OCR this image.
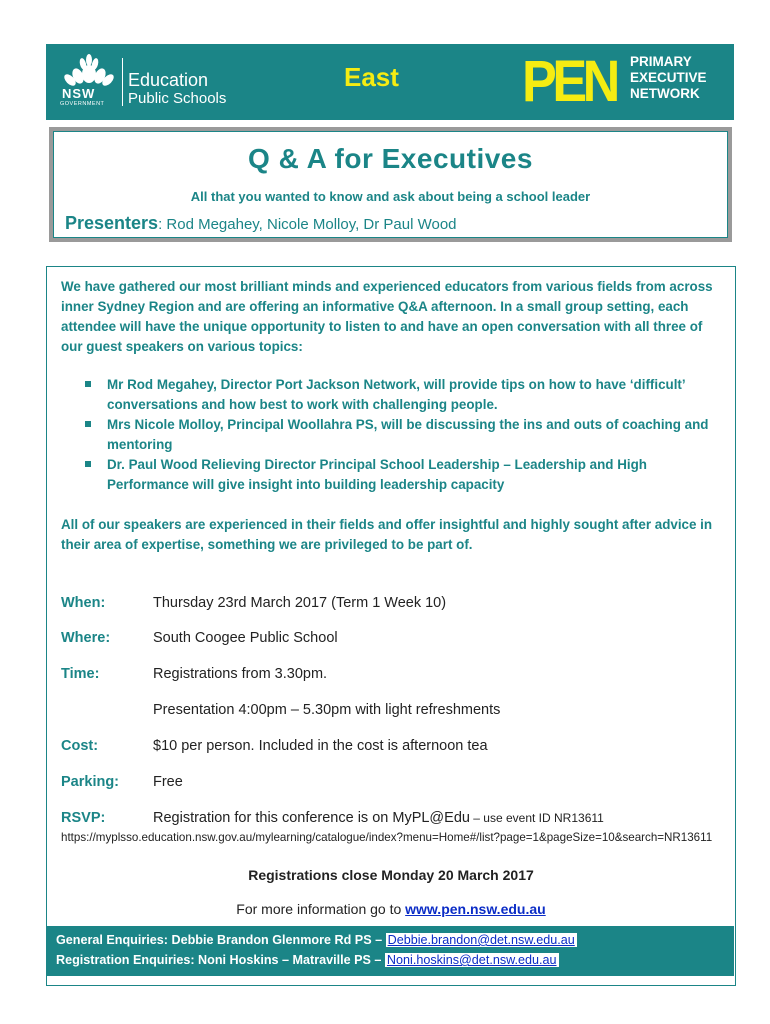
NSW
GOVERNMENT
Education
Public Schools
East PEN PRIMARY
EXECUTIVE
NETWORK
Q & A for Executives
All that you wanted to know and ask about being a school leader
Presenters: Rod Megahey, Nicole Molloy, Dr Paul Wood
We have gathered our most brilliant minds and experienced educators from various fields from across inner Sydney Region and are offering an informative Q&A afternoon. In a small group setting, each attendee will have the unique opportunity to listen to and have an open conversation with all three of our guest speakers on various topics:
Mr Rod Megahey, Director Port Jackson Network, will provide tips on how to have ‘difficult’ conversations and how best to work with challenging people.
Mrs Nicole Molloy, Principal Woollahra PS, will be discussing the ins and outs of coaching and mentoring
Dr. Paul Wood Relieving Director Principal School Leadership – Leadership and High Performance will give insight into building leadership capacity
All of our speakers are experienced in their fields and offer insightful and highly sought after advice in their area of expertise, something we are privileged to be part of.
When:	Thursday 23rd March 2017 (Term 1 Week 10)
Where:	South Coogee Public School
Time:	Registrations from 3.30pm.
Presentation 4:00pm – 5.30pm with light refreshments
Cost:	$10 per person. Included in the cost is afternoon tea
Parking: Free
RSVP:	Registration for this conference is on MyPL@Edu – use event ID NR13611
https://myplsso.education.nsw.gov.au/mylearning/catalogue/index?menu=Home#/list?page=1&pageSize=10&search=NR13611
Registrations close Monday 20 March 2017
For more information go to www.pen.nsw.edu.au
General Enquiries: Debbie Brandon Glenmore Rd PS – Debbie.brandon@det.nsw.edu.au
Registration Enquiries: Noni Hoskins – Matraville PS – Noni.hoskins@det.nsw.edu.au
